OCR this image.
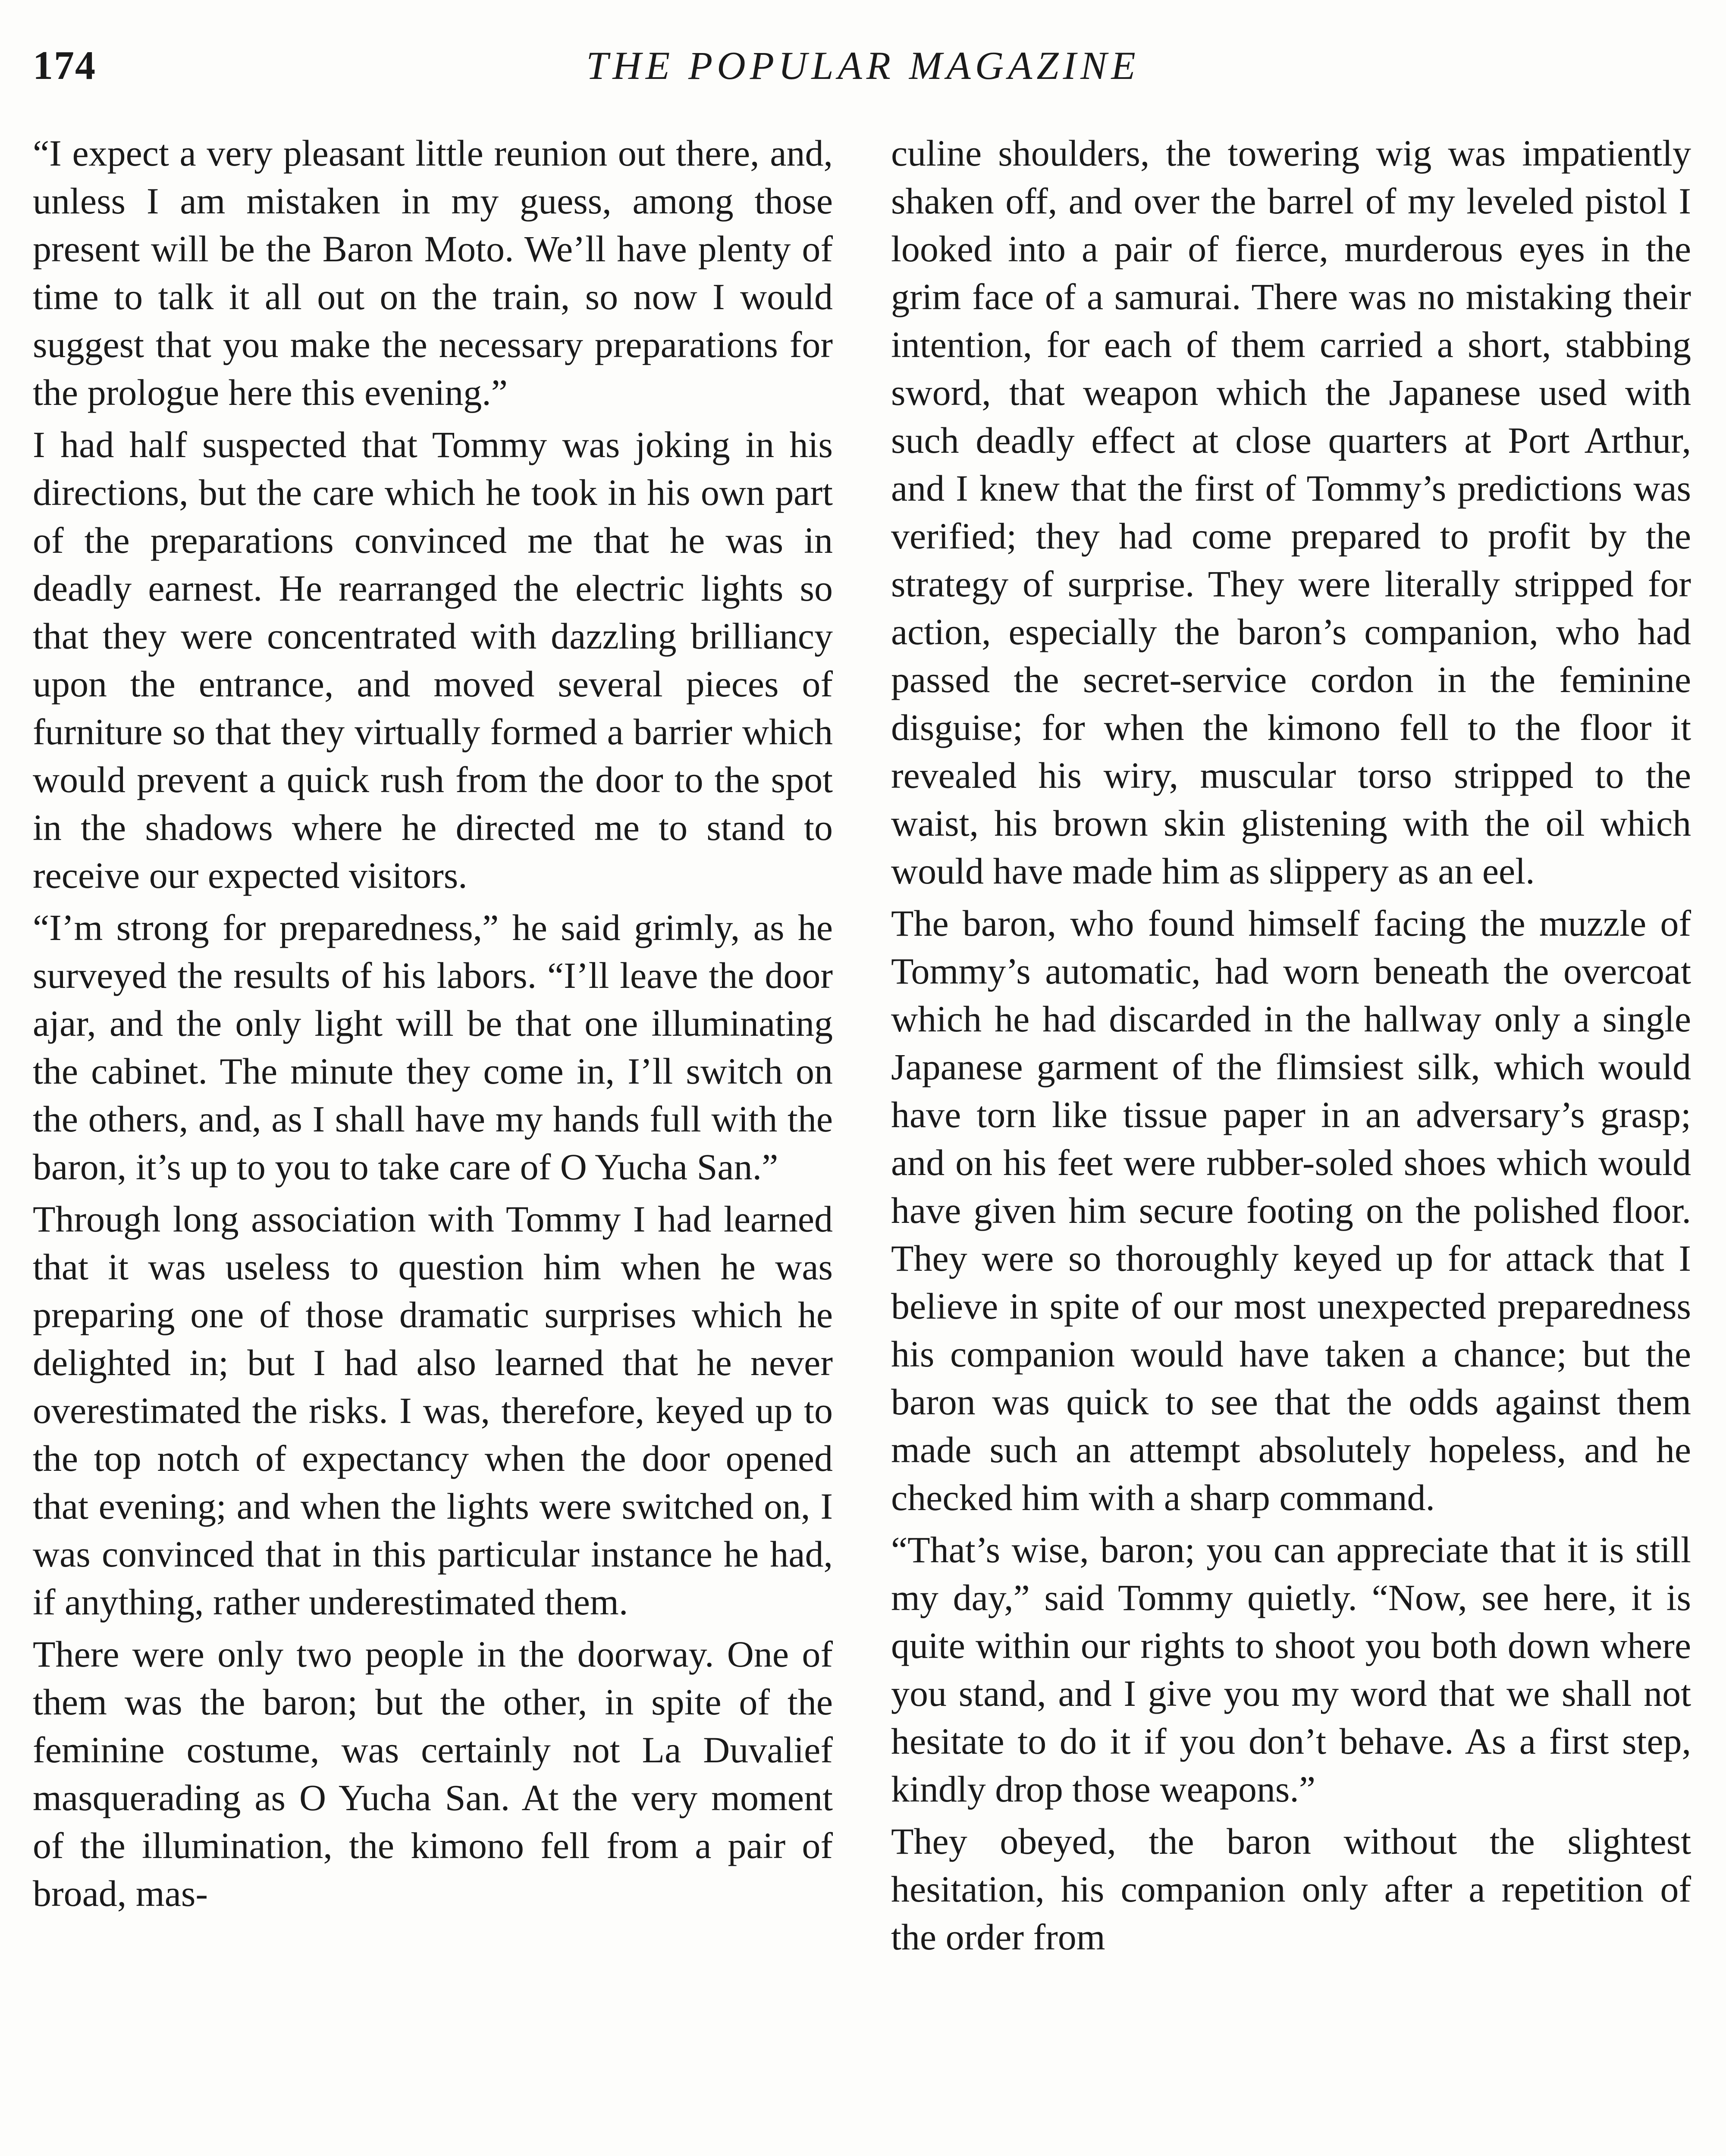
174	THE POPULAR MAGAZINE

“I expect a very pleasant little reunion out there, and, unless I am mistaken in my guess, among those present will be the Baron Moto. We’ll have plenty of time to talk it all out on the train, so now I would suggest that you make the necessary preparations for the prologue here this evening.”

I had half suspected that Tommy was joking in his directions, but the care which he took in his own part of the preparations convinced me that he was in deadly earnest. He rearranged the electric lights so that they were concentrated with dazzling brilliancy upon the entrance, and moved several pieces of furniture so that they virtually formed a barrier which would prevent a quick rush from the door to the spot in the shadows where he directed me to stand to receive our expected visitors.

“I’m strong for preparedness,” he said grimly, as he surveyed the results of his labors. “I’ll leave the door ajar, and the only light will be that one illuminating the cabinet. The minute they come in, I’ll switch on the others, and, as I shall have my hands full with the baron, it’s up to you to take care of O Yucha San.”

Through long association with Tommy I had learned that it was useless to question him when he was preparing one of those dramatic surprises which he delighted in; but I had also learned that he never overestimated the risks. I was, therefore, keyed up to the top notch of expectancy when the door opened that evening; and when the lights were switched on, I was convinced that in this particular instance he had, if anything, rather underestimated them.

There were only two people in the doorway. One of them was the baron; but the other, in spite of the feminine costume, was certainly not La Duvalief masquerading as O Yucha San. At the very moment of the illumination, the kimono fell from a pair of broad, mas-

culine shoulders, the towering wig was impatiently shaken off, and over the barrel of my leveled pistol I looked into a pair of fierce, murderous eyes in the grim face of a samurai. There was no mistaking their intention, for each of them carried a short, stabbing sword, that weapon which the Japanese used with such deadly effect at close quarters at Port Arthur, and I knew that the first of Tommy’s predictions was verified; they had come prepared to profit by the strategy of surprise. They were literally stripped for action, especially the baron’s companion, who had passed the secret-service cordon in the feminine disguise; for when the kimono fell to the floor it revealed his wiry, muscular torso stripped to the waist, his brown skin glistening with the oil which would have made him as slippery as an eel.

The baron, who found himself facing the muzzle of Tommy’s automatic, had worn beneath the overcoat which he had discarded in the hallway only a single Japanese garment of the flimsiest silk, which would have torn like tissue paper in an adversary’s grasp; and on his feet were rubber-soled shoes which would have given him secure footing on the polished floor. They were so thoroughly keyed up for attack that I believe in spite of our most unexpected preparedness his companion would have taken a chance; but the baron was quick to see that the odds against them made such an attempt absolutely hopeless, and he checked him with a sharp command.

“That’s wise, baron; you can appreciate that it is still my day,” said Tommy quietly. “Now, see here, it is quite within our rights to shoot you both down where you stand, and I give you my word that we shall not hesitate to do it if you don’t behave. As a first step, kindly drop those weapons.”

They obeyed, the baron without the slightest hesitation, his companion only after a repetition of the order from
